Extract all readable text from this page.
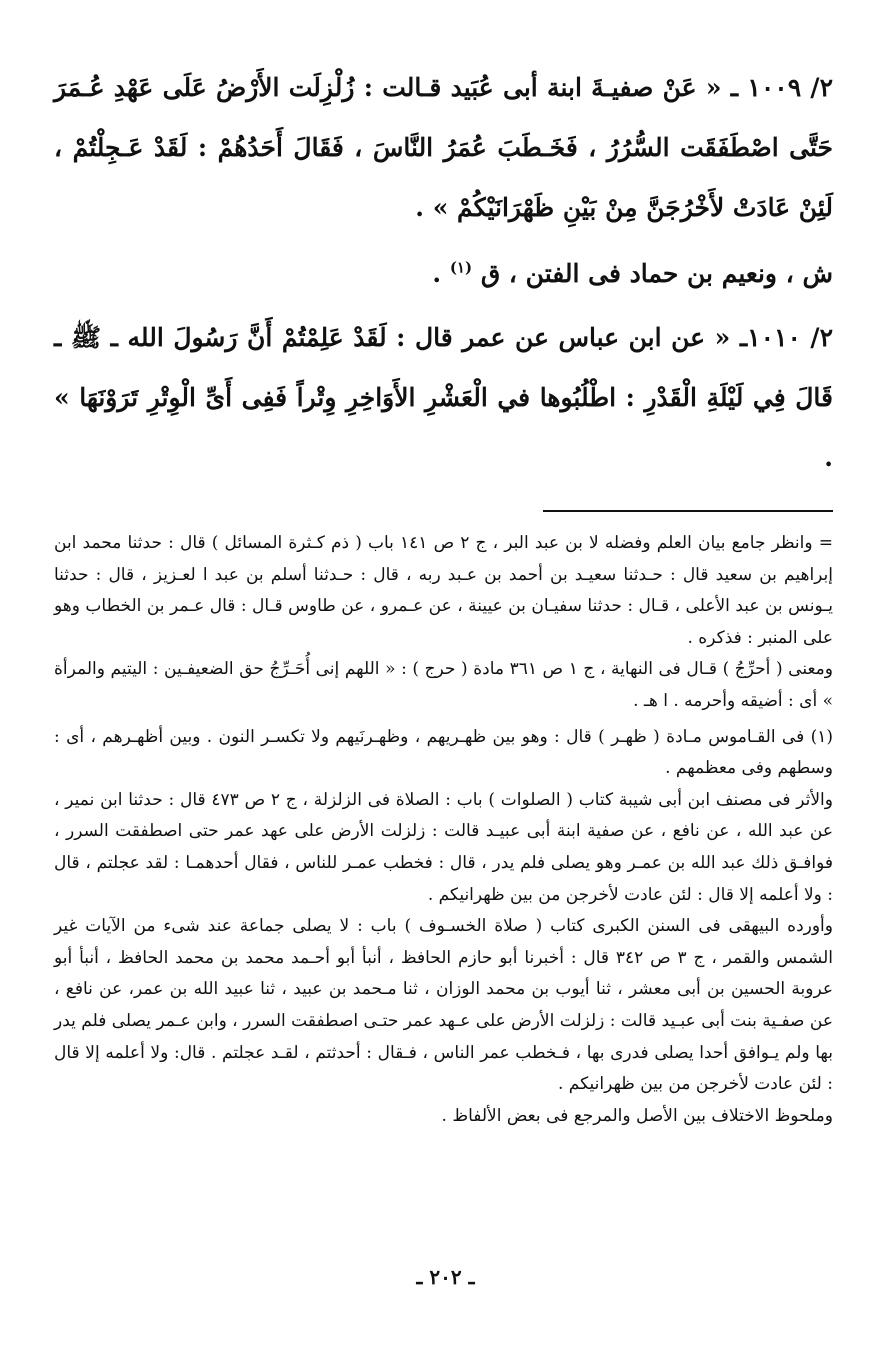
٢/ ١٠٠٩ ـ « عَنْ صفيـةَ ابنة أبى عُبَيد قـالت : زُلْزِلَت الأَرْضُ عَلَى عَهْدِ عُـمَرَ حَتَّى اصْطَفَقَت السُّرُرُ ، فَخَـطَبَ عُمَرُ النَّاسَ ، فَقَالَ أَحَدُهُمْ : لَقَدْ عَـجِلْتُمْ ، لَئِنْ عَادَتْ لأَخْرُجَنَّ مِنْ بَيْنِ ظَهْرَانَيْكُمْ » .

ش ، ونعيم بن حماد فى الفتن ، ق $^{(١)}$ .

٢/ ١٠١٠ـ « عن ابن عباس عن عمر قال : لَقَدْ عَلِمْتُمْ أَنَّ رَسُولَ الله ـ ﷺ ـ قَالَ فِي لَيْلَةِ الْقَدْرِ : اطْلُبُوها في الْعَشْرِ الأَوَاخِرِ وِتْراً فَفِى أَىِّ الْوِتْرِ تَرَوْنَهَا » .

= وانظر جامع بيان العلم وفضله لا بن عبد البر ، ج ٢ ص ١٤١ باب ( ذم كـثرة المسائل ) قال : حدثنا محمد ابن إبراهيم بن سعيد قال : حـدثنا سعيـد بن أحمد بن عـبد ربه ، قال : حـدثنا أسلم بن عبد ا لعـزيز ، قال : حدثنا يـونس بن عبد الأعلى ، قـال : حدثنا سفيـان بن عيينة ، عن عـمرو ، عن طاوس قـال : قال عـمر بن الخطاب وهو على المنبر : فذكره .

ومعنى ( أحرِّجُ ) قـال فى النهاية ، ج ١ ص ٣٦١ مادة ( حرج ) : « اللهم إنى أُحَـرِّجُ حق الضعيفـين : اليتيم والمرأة » أى : أضيقه وأحرمه . ا هـ .

(١) فى القـاموس مـادة ( ظهـر ) قال : وهو بين ظهـريهم ، وظهـرنَيهم ولا تكسـر النون . وبين أظهـرهم ، أى : وسطهم وفى معظمهم .

والأثر فى مصنف ابن أبى شيبة كتاب ( الصلوات ) باب : الصلاة فى الزلزلة ، ج ٢ ص ٤٧٣ قال : حدثنا ابن نمير ، عن عبد الله ، عن نافع ، عن صفية ابنة أبى عبيـد قالت : زلزلت الأرض على عهد عمر حتى اصطفقت السرر ، فوافـق ذلك عبد الله بن عمـر وهو يصلى فلم يدر ، قال : فخطب عمـر للناس ، فقال أحدهمـا : لقد عجلتم ، قال : ولا أعلمه إلا قال : لئن عادت لأخرجن من بين ظهرانيكم .

وأورده البيهقى فى السنن الكبرى كتاب ( صلاة الخسـوف ) باب : لا يصلى جماعة عند شىء من الآيات غير الشمس والقمر ، ج ٣ ص ٣٤٢ قال : أخبرنا أبو حازم الحافظ ، أنبأ أبو أحـمد محمد بن محمد الحافظ ، أنبأ أبو عروبة الحسين بن أبى معشر ، ثنا أيوب بن محمد الوزان ، ثنا مـحمد بن عبيد ، ثنا عبيد الله بن عمر، عن نافع ، عن صفـية بنت أبى عبـيد قالت : زلزلت الأرض على عـهد عمر حتـى اصطفقت السرر ، وابن عـمر يصلى فلم يدر بها ولم يـوافق أحدا يصلى فدرى بها ، فـخطب عمر الناس ، فـقال : أحدثتم ، لقـد عجلتم . قال: ولا أعلمه إلا قال : لئن عادت لأخرجن من بين ظهرانيكم .

وملحوظ الاختلاف بين الأصل والمرجع فى بعض الألفاظ .

ـ ٢٠٢ ـ
